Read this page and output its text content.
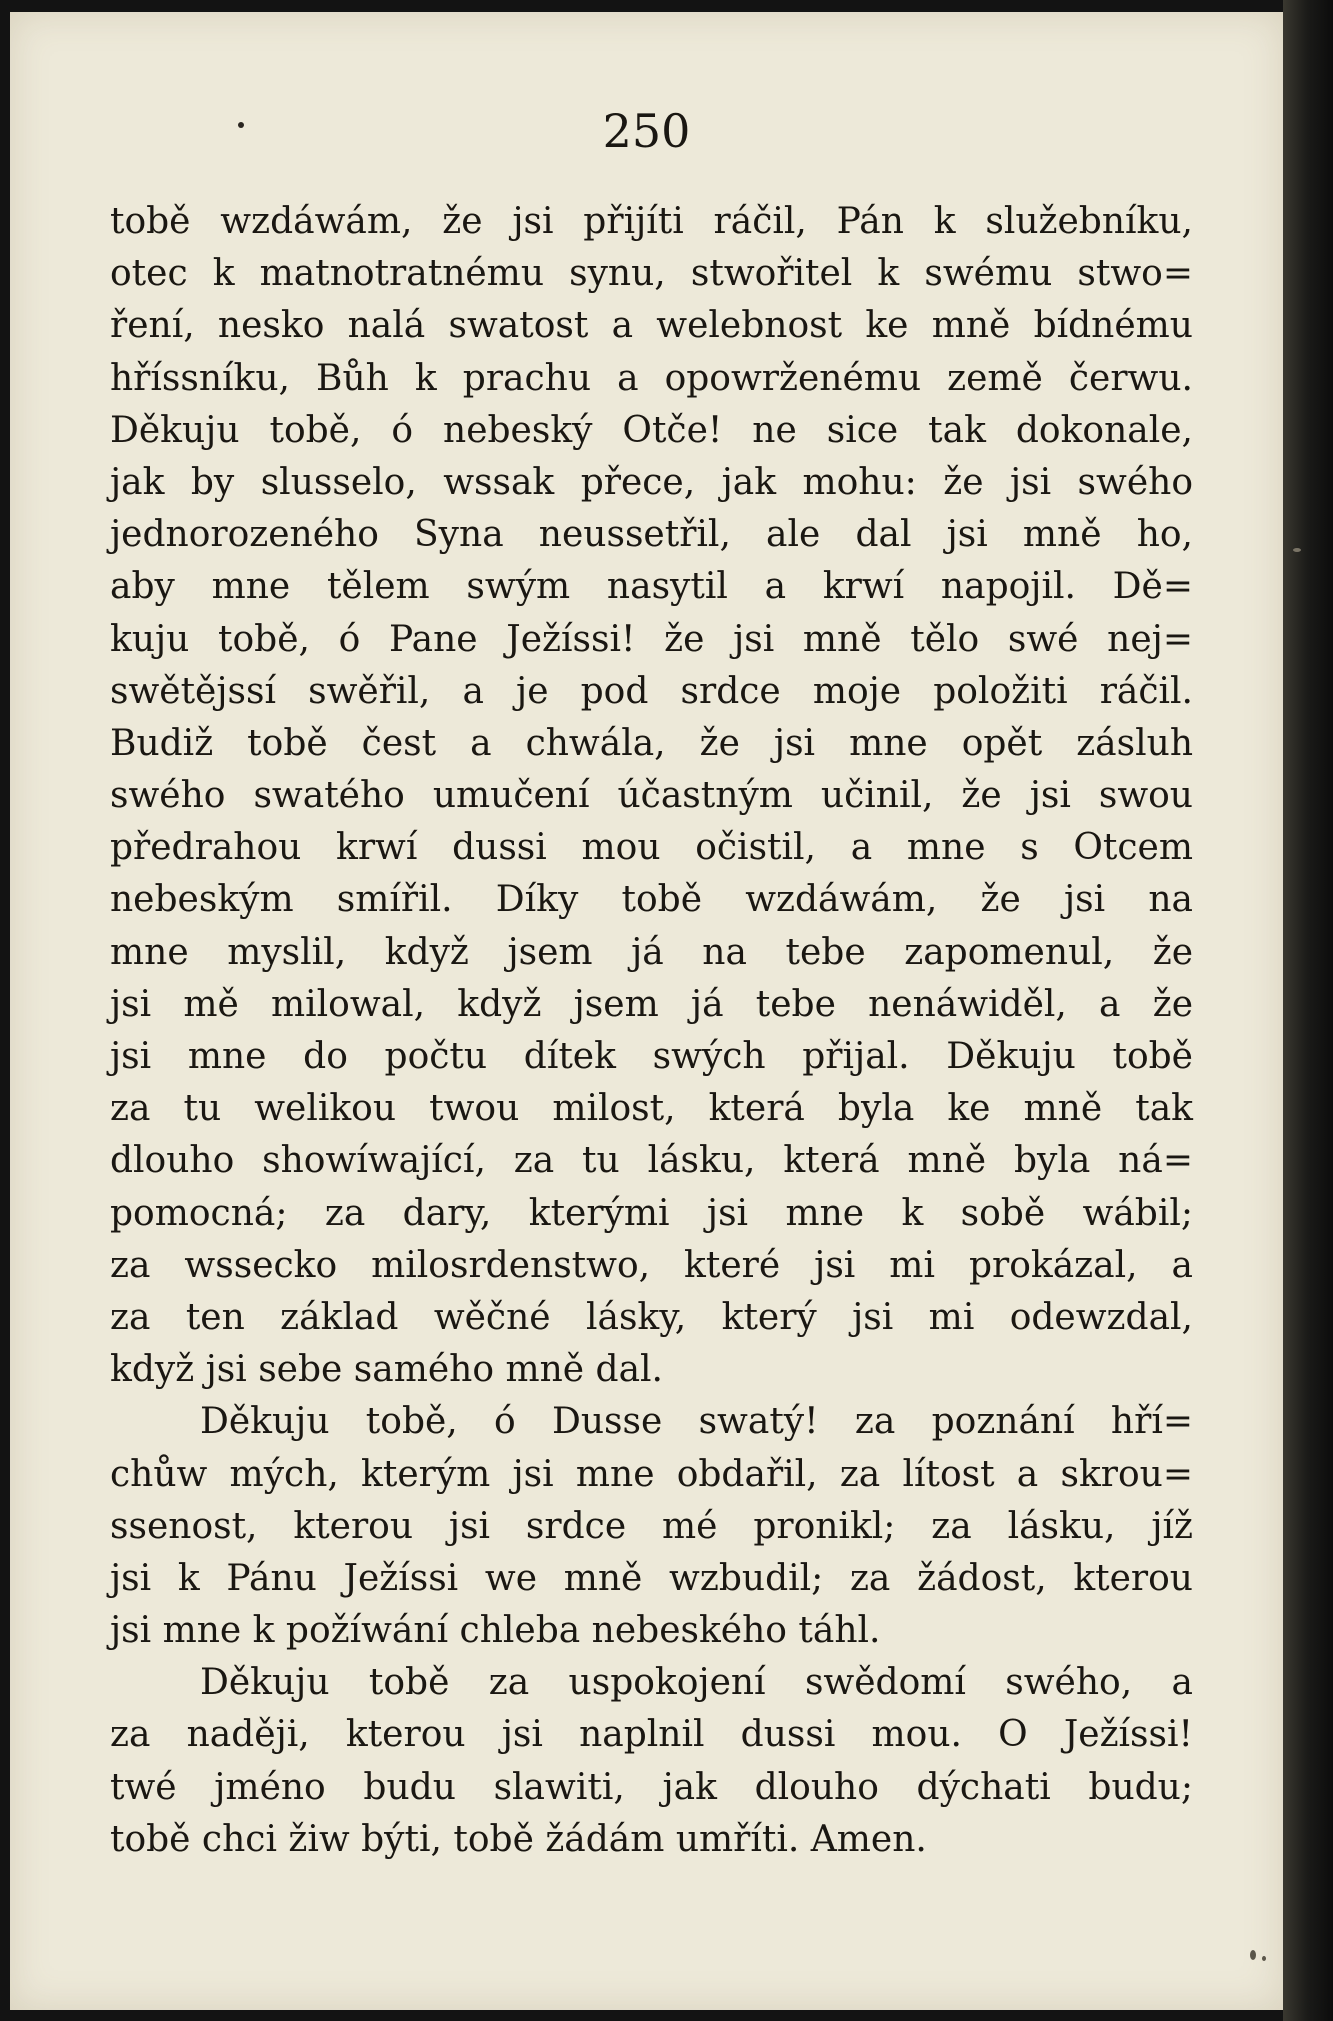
250
tobě wzdáwám, že jsi přijíti ráčil, Pán k služebníku,
otec k matnotratnému synu, stwořitel k swému stwo=
ření, nesko nalá swatost a welebnost ke mně bídnému
hříssníku, Bůh k prachu a opowrženému země čerwu.
Děkuju tobě, ó nebeský Otče! ne sice tak dokonale,
jak by slusselo, wssak přece, jak mohu: že jsi swého
jednorozeného Syna neussetřil, ale dal jsi mně ho,
aby mne tělem swým nasytil a krwí napojil. Dě=
kuju tobě, ó Pane Ježíssi! že jsi mně tělo swé nej=
swětějssí swěřil, a je pod srdce moje položiti ráčil.
Budiž tobě čest a chwála, že jsi mne opět zásluh
swého swatého umučení účastným učinil, že jsi swou
předrahou krwí dussi mou očistil, a mne s Otcem
nebeským smířil. Díky tobě wzdáwám, že jsi na
mne myslil, když jsem já na tebe zapomenul, že
jsi mě milowal, když jsem já tebe nenáwiděl, a že
jsi mne do počtu dítek swých přijal. Děkuju tobě
za tu welikou twou milost, která byla ke mně tak
dlouho showíwající, za tu lásku, která mně byla ná=
pomocná; za dary, kterými jsi mne k sobě wábil;
za wssecko milosrdenstwo, které jsi mi prokázal, a
za ten základ wěčné lásky, který jsi mi odewzdal,
když jsi sebe samého mně dal.
Děkuju tobě, ó Dusse swatý! za poznání hří=
chůw mých, kterým jsi mne obdařil, za lítost a skrou=
ssenost, kterou jsi srdce mé pronikl; za lásku, jíž
jsi k Pánu Ježíssi we mně wzbudil; za žádost, kterou
jsi mne k požíwání chleba nebeského táhl.
Děkuju tobě za uspokojení swědomí swého, a
za naději, kterou jsi naplnil dussi mou. O Ježíssi!
twé jméno budu slawiti, jak dlouho dýchati budu;
tobě chci žiw býti, tobě žádám umříti. Amen.
